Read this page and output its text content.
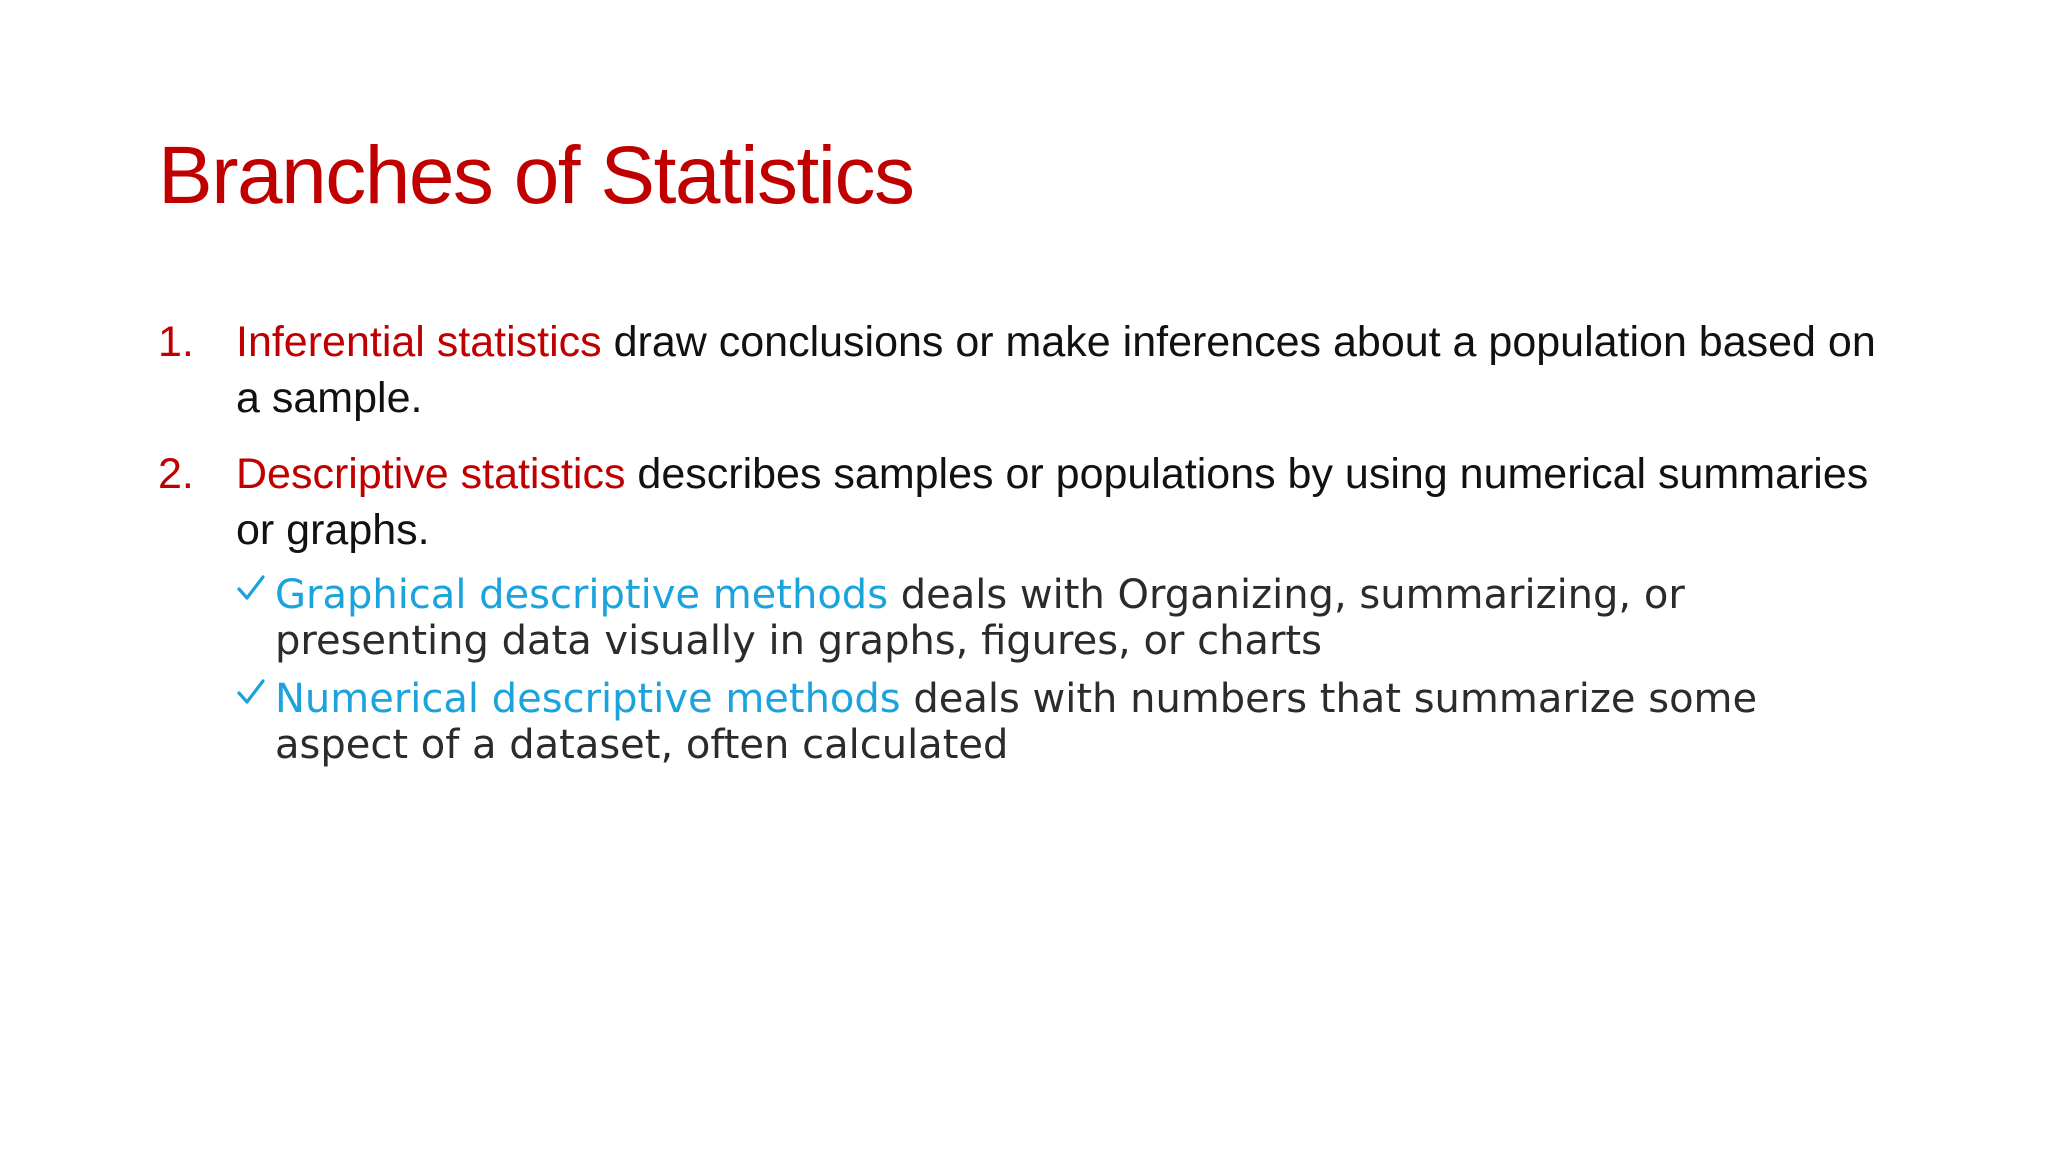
Branches of Statistics
1. Inferential statistics draw conclusions or make inferences about a population based on a sample.
2. Descriptive statistics describes samples or populations by using numerical summaries or graphs.
Graphical descriptive methods deals with Organizing, summarizing, or presenting data visually in graphs, figures, or charts
Numerical descriptive methods deals with numbers that summarize some aspect of a dataset, often calculated
